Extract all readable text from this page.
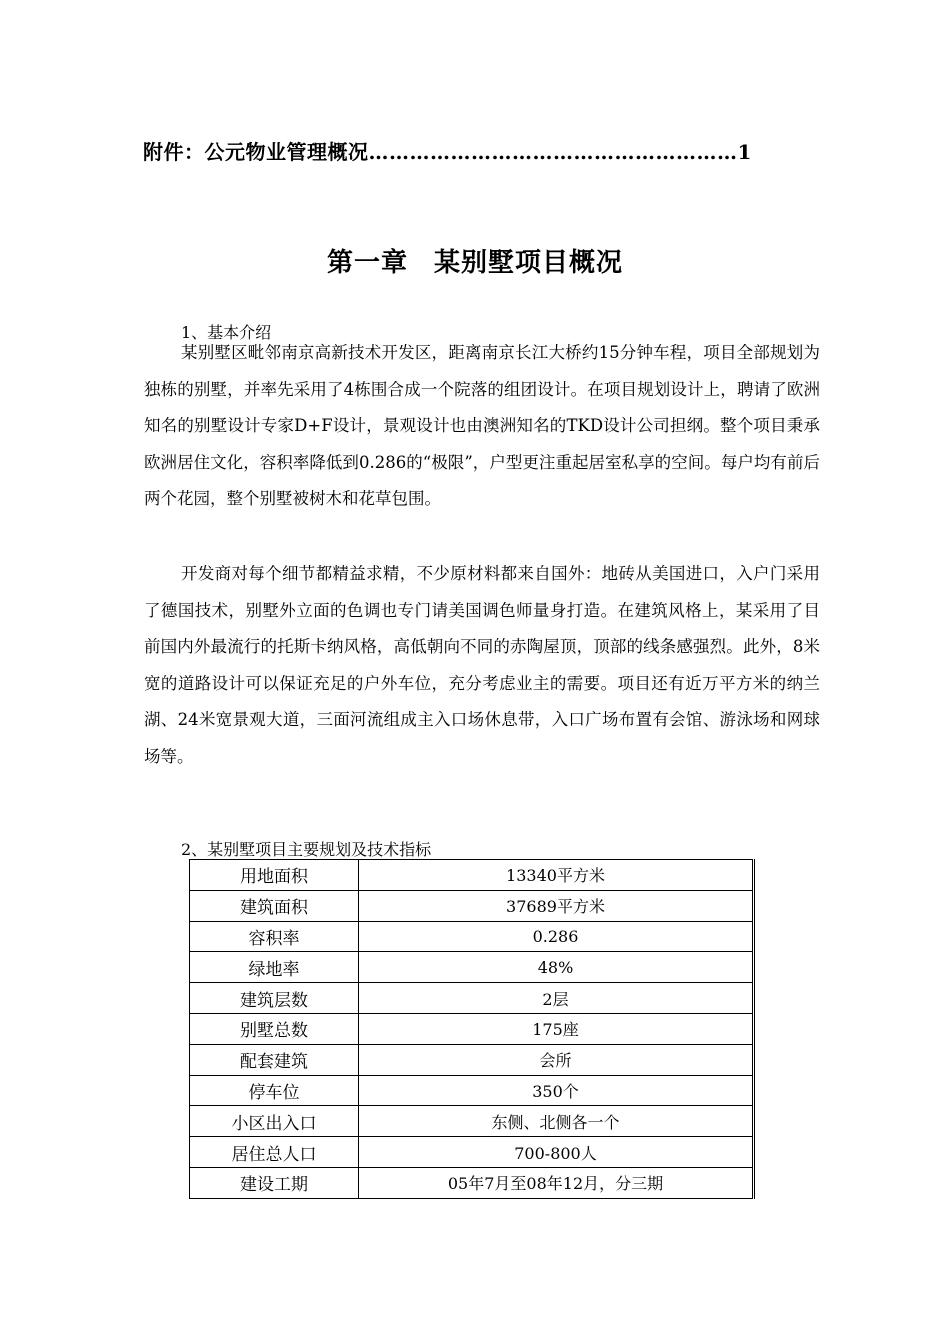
附件：公元物业管理概况………………………………………………1
第一章 某别墅项目概况
1、基本介绍

某别墅区毗邻南京高新技术开发区，距离南京长江大桥约15分钟车程，项目全部规划为独栋的别墅，并率先采用了4栋围合成一个院落的组团设计。在项目规划设计上，聘请了欧洲知名的别墅设计专家D+F设计，景观设计也由澳洲知名的TKD设计公司担纲。整个项目秉承欧洲居住文化，容积率降低到0.286的“极限”，户型更注重起居室私享的空间。每户均有前后两个花园，整个别墅被树木和花草包围。

开发商对每个细节都精益求精，不少原材料都来自国外：地砖从美国进口，入户门采用了德国技术，别墅外立面的色调也专门请美国调色师量身打造。在建筑风格上，某采用了目前国内外最流行的托斯卡纳风格，高低朝向不同的赤陶屋顶，顶部的线条感强烈。此外，8米宽的道路设计可以保证充足的户外车位，充分考虑业主的需要。项目还有近万平方米的纳兰湖、24米宽景观大道，三面河流组成主入口场休息带，入口广场布置有会馆、游泳场和网球场等。

2、某别墅项目主要规划及技术指标
用地面积	13340平方米
建筑面积	37689平方米
容积率	0.286
绿地率	48%
建筑层数	2层
别墅总数	175座
配套建筑	会所
停车位	350个
小区出入口	东侧、北侧各一个
居住总人口	700-800人
建设工期	05年7月至08年12月，分三期
